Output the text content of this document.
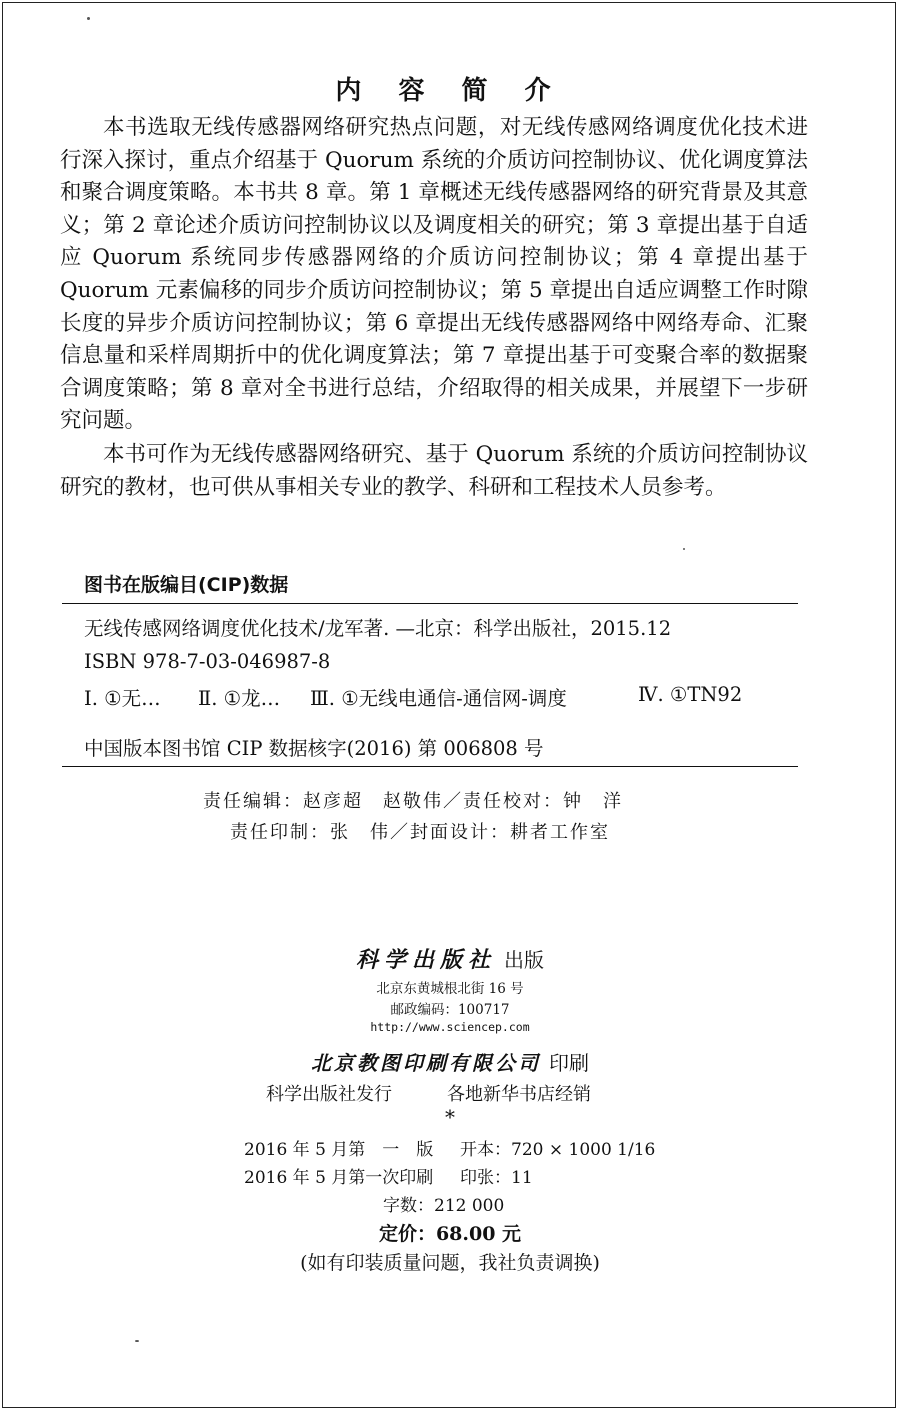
内 容 简 介

本书选取无线传感器网络研究热点问题，对无线传感网络调度优化技术进行深入探讨，重点介绍基于 Quorum 系统的介质访问控制协议、优化调度算法和聚合调度策略。本书共 8 章。第 1 章概述无线传感器网络的研究背景及其意义；第 2 章论述介质访问控制协议以及调度相关的研究；第 3 章提出基于自适应 Quorum 系统同步传感器网络的介质访问控制协议；第 4 章提出基于 Quorum 元素偏移的同步介质访问控制协议；第 5 章提出自适应调整工作时隙长度的异步介质访问控制协议；第 6 章提出无线传感器网络中网络寿命、汇聚信息量和采样周期折中的优化调度算法；第 7 章提出基于可变聚合率的数据聚合调度策略；第 8 章对全书进行总结，介绍取得的相关成果，并展望下一步研究问题。

本书可作为无线传感器网络研究、基于 Quorum 系统的介质访问控制协议研究的教材，也可供从事相关专业的教学、科研和工程技术人员参考。

图书在版编目(CIP)数据
无线传感网络调度优化技术/龙军著. —北京：科学出版社，2015.12
ISBN 978-7-03-046987-8
Ⅰ. ①无… Ⅱ. ①龙… Ⅲ. ①无线电通信-通信网-调度	Ⅳ. ①TN92
中国版本图书馆 CIP 数据核字(2016) 第 006808 号
责任编辑：赵彦超　赵敬伟／责任校对：钟　洋
责任印制：张　伟／封面设计：耕者工作室
科学出版社 出版
北京东黄城根北街 16 号
邮政编码：100717
http://www.sciencep.com
北京教图印刷有限公司 印刷
科学出版社发行	各地新华书店经销
*
2016 年 5 月第　一　版 开本：720 × 1000 1/16
2016 年 5 月第一次印刷 印张：11
字数：212 000
定价：68.00 元
(如有印装质量问题，我社负责调换)
